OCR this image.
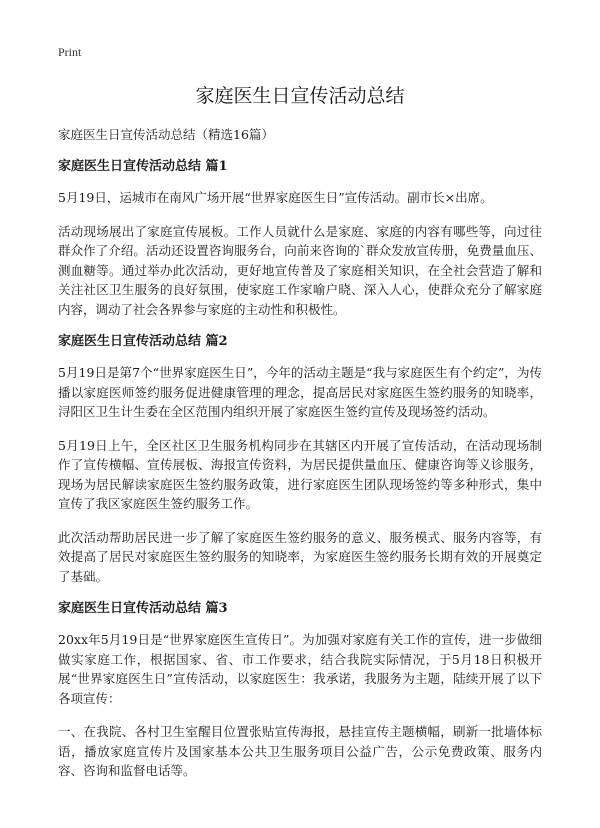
Print
家庭医生日宣传活动总结

家庭医生日宣传活动总结（精选16篇）

家庭医生日宣传活动总结 篇1

5月19日，运城市在南风广场开展“世界家庭医生日”宣传活动。副市长×出席。

活动现场展出了家庭宣传展板。工作人员就什么是家庭、家庭的内容有哪些等，向过往群众作了介绍。活动还设置咨询服务台，向前来咨询的`群众发放宣传册，免费量血压、测血糖等。通过举办此次活动，更好地宣传普及了家庭相关知识，在全社会营造了解和关注社区卫生服务的良好氛围，使家庭工作家喻户晓、深入人心，使群众充分了解家庭内容，调动了社会各界参与家庭的主动性和积极性。

家庭医生日宣传活动总结 篇2

5月19日是第7个“世界家庭医生日”，今年的活动主题是“我与家庭医生有个约定”，为传播以家庭医师签约服务促进健康管理的理念，提高居民对家庭医生签约服务的知晓率，浔阳区卫生计生委在全区范围内组织开展了家庭医生签约宣传及现场签约活动。

5月19日上午，全区社区卫生服务机构同步在其辖区内开展了宣传活动，在活动现场制作了宣传横幅、宣传展板、海报宣传资料，为居民提供量血压、健康咨询等义诊服务，现场为居民解读家庭医生签约服务政策，进行家庭医生团队现场签约等多种形式，集中宣传了我区家庭医生签约服务工作。

此次活动帮助居民进一步了解了家庭医生签约服务的意义、服务模式、服务内容等，有效提高了居民对家庭医生签约服务的知晓率，为家庭医生签约服务长期有效的开展奠定了基础。

家庭医生日宣传活动总结 篇3

20xx年5月19日是“世界家庭医生宣传日”。为加强对家庭有关工作的宣传，进一步做细做实家庭工作，根据国家、省、市工作要求，结合我院实际情况，于5月18日积极开展“世界家庭医生日”宣传活动，以家庭医生：我承诺，我服务为主题，陆续开展了以下各项宣传：

一、在我院、各村卫生室醒目位置张贴宣传海报，悬挂宣传主题横幅，刷新一批墙体标语，播放家庭宣传片及国家基本公共卫生服务项目公益广告，公示免费政策、服务内容、咨询和监督电话等。
